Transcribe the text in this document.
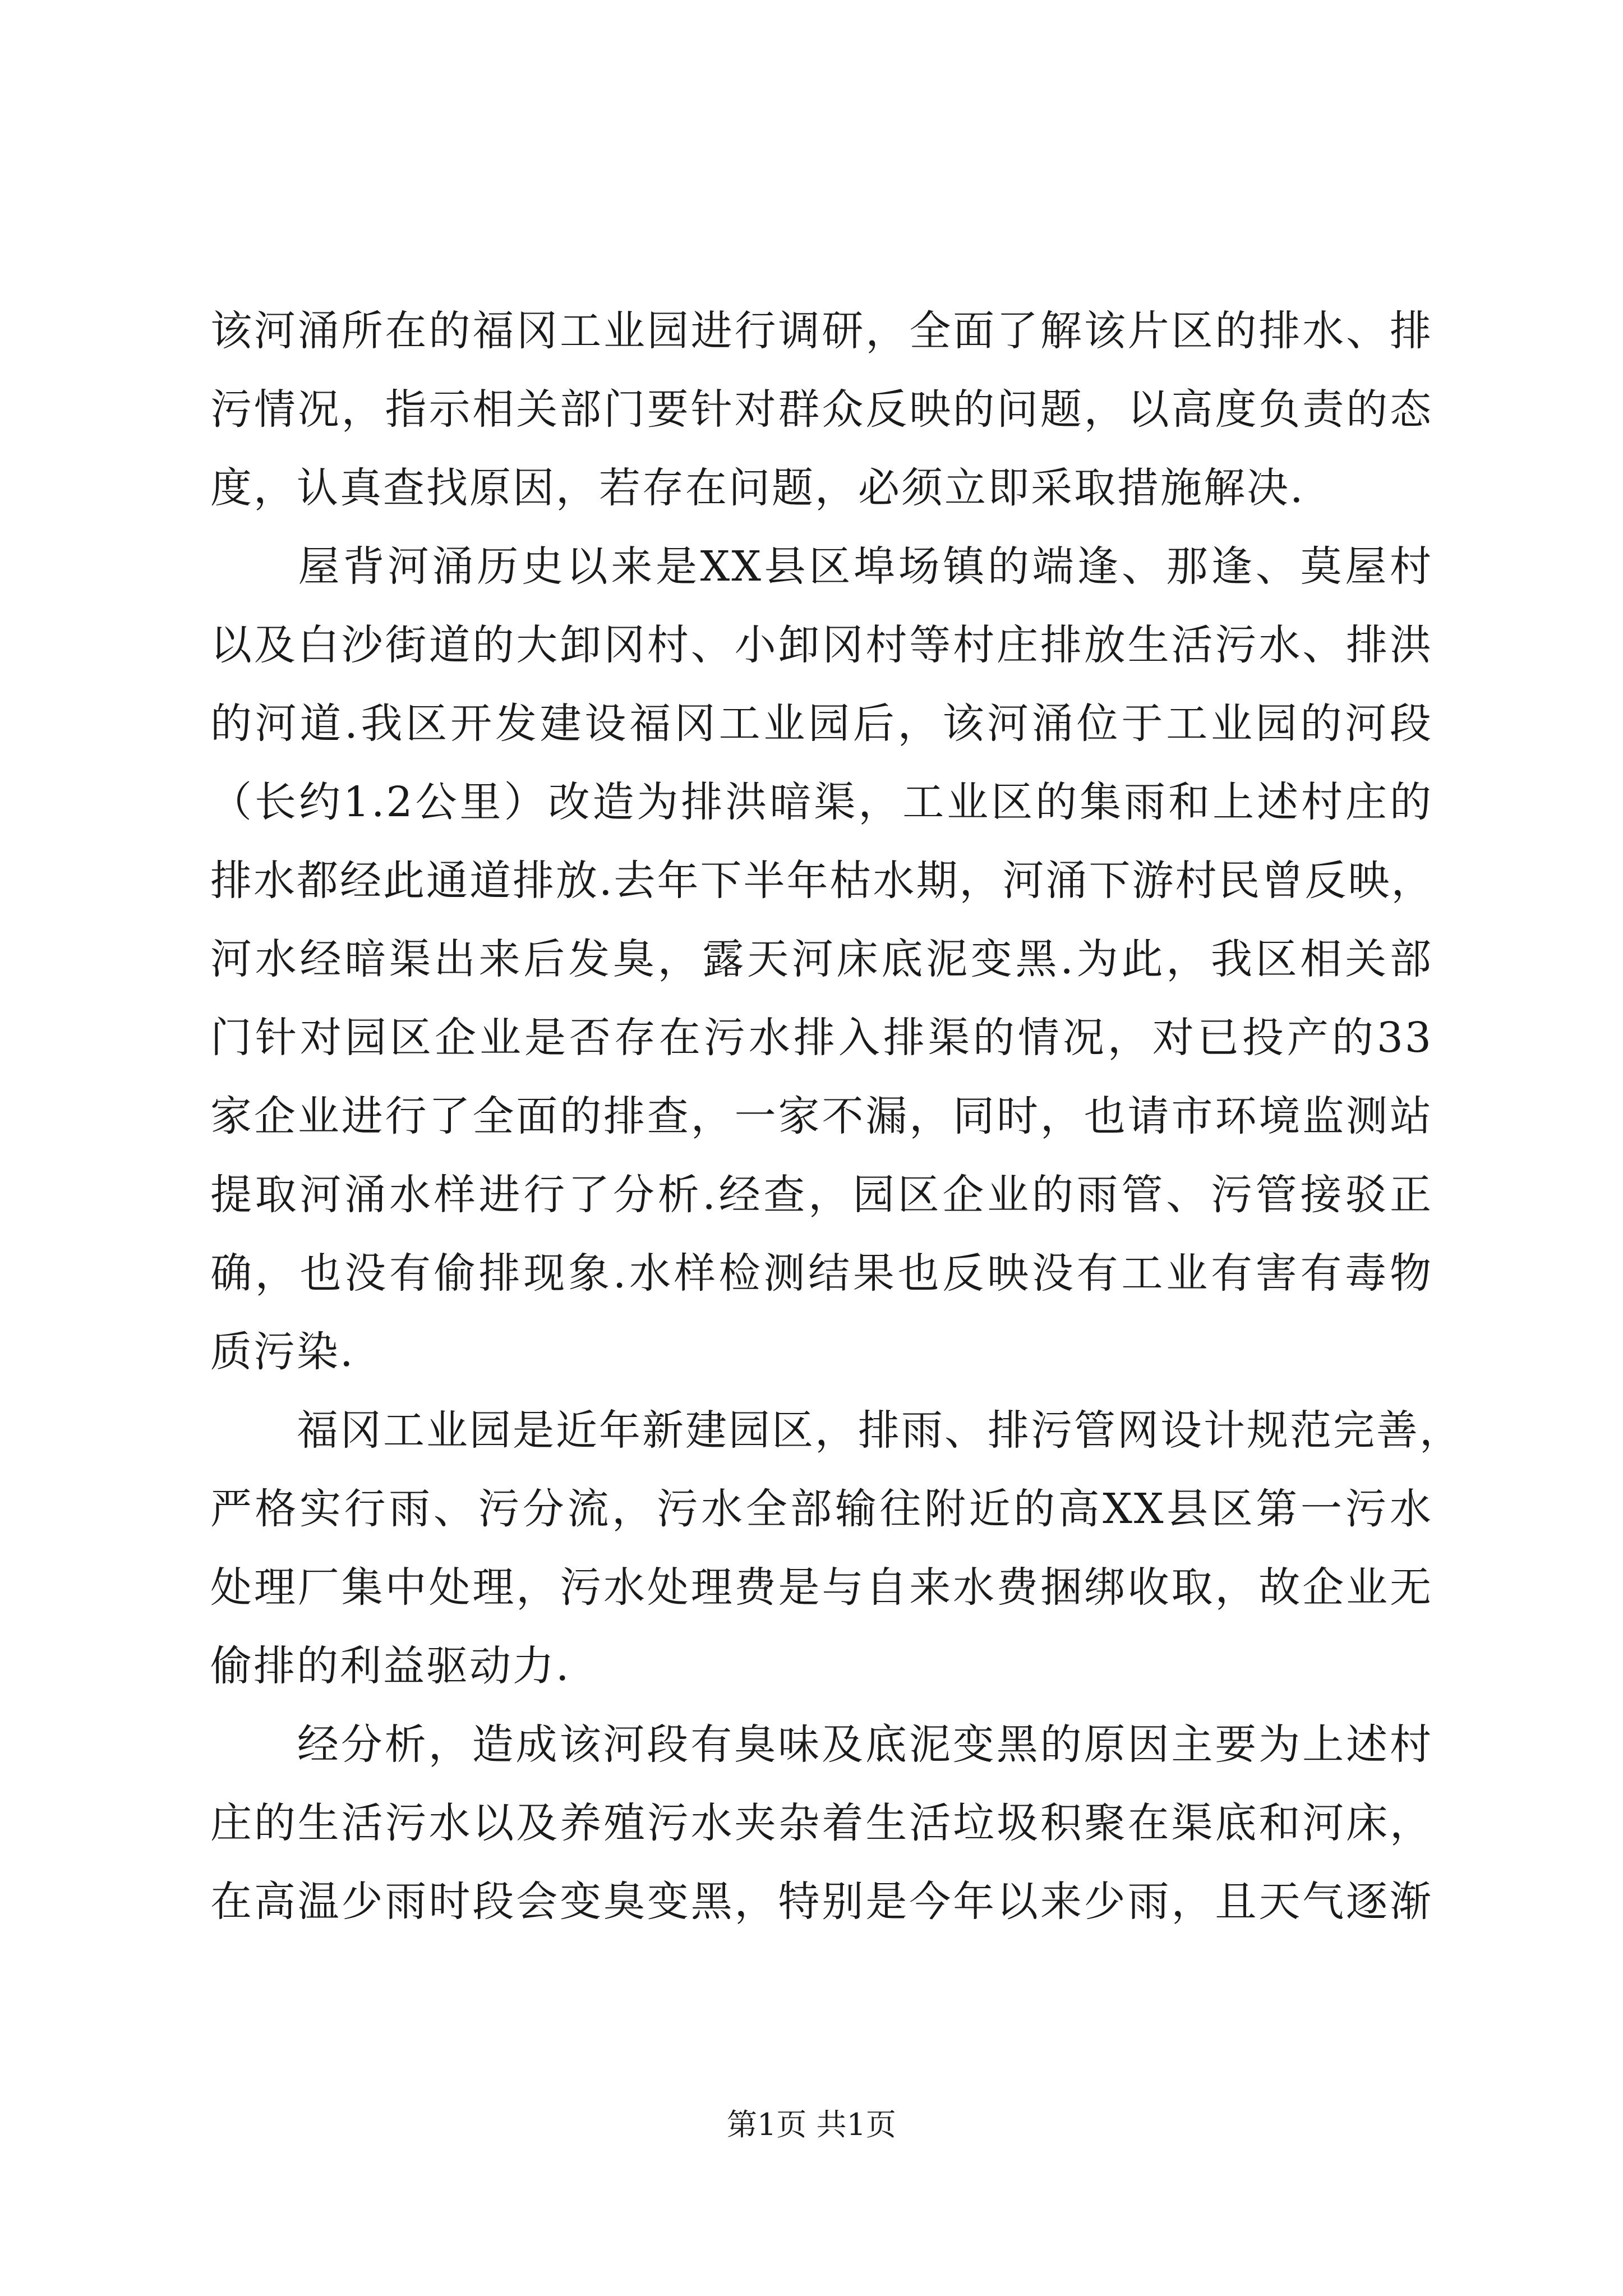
该河涌所在的福冈工业园进行调研，全面了解该片区的排水、排
污情况，指示相关部门要针对群众反映的问题，以高度负责的态
度，认真查找原因，若存在问题，必须立即采取措施解决.

屋背河涌历史以来是XX县区埠场镇的端逢、那逢、莫屋村
以及白沙街道的大卸冈村、小卸冈村等村庄排放生活污水、排洪
的河道.我区开发建设福冈工业园后，该河涌位于工业园的河段
（长约1.2公里）改造为排洪暗渠，工业区的集雨和上述村庄的
排水都经此通道排放.去年下半年枯水期，河涌下游村民曾反映，
河水经暗渠出来后发臭，露天河床底泥变黑.为此，我区相关部
门针对园区企业是否存在污水排入排渠的情况，对已投产的33
家企业进行了全面的排查，一家不漏，同时，也请市环境监测站
提取河涌水样进行了分析.经查，园区企业的雨管、污管接驳正
确，也没有偷排现象.水样检测结果也反映没有工业有害有毒物
质污染.

福冈工业园是近年新建园区，排雨、排污管网设计规范完善，
严格实行雨、污分流，污水全部输往附近的高XX县区第一污水
处理厂集中处理，污水处理费是与自来水费捆绑收取，故企业无
偷排的利益驱动力.

经分析，造成该河段有臭味及底泥变黑的原因主要为上述村
庄的生活污水以及养殖污水夹杂着生活垃圾积聚在渠底和河床，
在高温少雨时段会变臭变黑，特别是今年以来少雨，且天气逐渐

第1页 共1页
